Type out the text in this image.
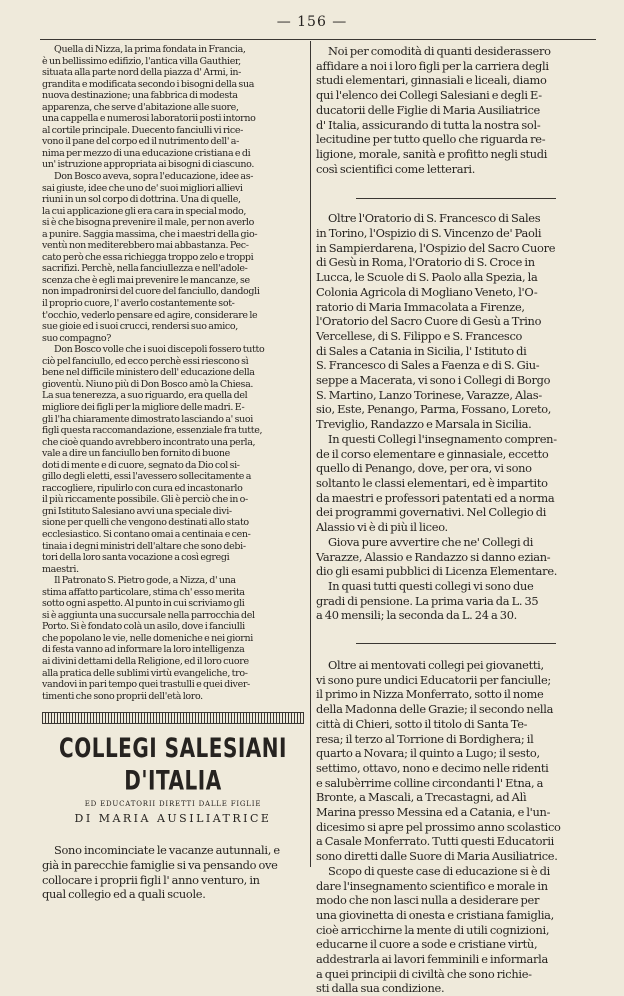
— 156 —

Quella di Nizza, la prima fondata in Francia,
è un bellissimo edifizio, l'antica villa Gauthier,
situata alla parte nord della piazza d' Armi, in-
grandita e modificata secondo i bisogni della sua
nuova destinazione; una fabbrica di modesta
apparenza, che serve d'abitazione alle suore,
una cappella e numerosi laboratorii posti intorno
al cortile principale. Duecento fanciulli vi rice-
vono il pane del corpo ed il nutrimento dell' a-
nima per mezzo di una educazione cristiana e di
un' istruzione appropriata ai bisogni di ciascuno.

Don Bosco aveva, sopra l'educazione, idee as-
sai giuste, idee che uno de' suoi migliori allievi
riuni in un sol corpo di dottrina. Una di quelle,
la cui applicazione gli era cara in special modo,
si è che bisogna prevenire il male, per non averlo
a punire. Saggia massima, che i maestri della gio-
ventù non mediterebbero mai abbastanza. Pec-
cato però che essa richiegga troppo zelo e troppi
sacrifizi. Perchè, nella fanciullezza e nell'adole-
scenza che è egli mai prevenire le mancanze, se
non impadronirsi del cuore del fanciullo, dandogli
il proprio cuore, l' averlo costantemente sot-
t'occhio, vederlo pensare ed agire, considerare le
sue gioie ed i suoi crucci, rendersi suo amico,
suo compagno?

Don Bosco volle che i suoi discepoli fossero tutto
ciò pel fanciullo, ed ecco perchè essi riescono sì
bene nel difficile ministero dell' educazione della
gioventù. Niuno più di Don Bosco amò la Chiesa.
La sua tenerezza, a suo riguardo, era quella del
migliore dei figli per la migliore delle madri. E-
gli l'ha chiaramente dimostrato lasciando a' suoi
figli questa raccomandazione, essenziale fra tutte,
che cioè quando avrebbero incontrato una perla,
vale a dire un fanciullo ben fornito di buone
doti di mente e di cuore, segnato da Dio col si-
gillo degli eletti, essi l'avessero sollecitamente a
raccogliere, ripulirlo con cura ed incastonarlo
il più riccamente possibile. Gli è perciò che in o-
gni Istituto Salesiano avvi una speciale divi-
sione per quelli che vengono destinati allo stato
ecclesiastico. Si contano omai a centinaia e cen-
tinaia i degni ministri dell'altare che sono debi-
tori della loro santa vocazione a così egregi
maestri.

Il Patronato S. Pietro gode, a Nizza, d' una
stima affatto particolare, stima ch' esso merita
sotto ogni aspetto. Al punto in cui scriviamo gli
si è aggiunta una succursale nella parrocchia del
Porto. Si è fondato colà un asilo, dove i fanciulli
che popolano le vie, nelle domeniche e nei giorni
di festa vanno ad informare la loro intelligenza
ai divini dettami della Religione, ed il loro cuore
alla pratica delle sublimi virtù evangeliche, tro-
vandovi in pari tempo quei trastulli e quei diver-
timenti che sono proprii dell'età loro.

COLLEGI SALESIANI D'ITALIA
ED EDUCATORII DIRETTI DALLE FIGLIE
DI MARIA AUSILIATRICE

Sono incominciate le vacanze autunnali, e
già in parecchie famiglie si va pensando ove
collocare i proprii figli l' anno venturo, in
qual collegio ed a quali scuole.

Noi per comodità di quanti desiderassero
affidare a noi i loro figli per la carriera degli
studi elementari, ginnasiali e liceali, diamo
qui l'elenco dei Collegi Salesiani e degli E-
ducatorii delle Figlie di Maria Ausiliatrice
d' Italia, assicurando di tutta la nostra sol-
lecitudine per tutto quello che riguarda re-
ligione, morale, sanità e profitto negli studi
così scientifici come letterari.

Oltre l'Oratorio di S. Francesco di Sales
in Torino, l'Ospizio di S. Vincenzo de' Paoli
in Sampierdarena, l'Ospizio del Sacro Cuore
di Gesù in Roma, l'Oratorio di S. Croce in
Lucca, le Scuole di S. Paolo alla Spezia, la
Colonia Agricola di Mogliano Veneto, l'O-
ratorio di Maria Immacolata a Firenze,
l'Oratorio del Sacro Cuore di Gesù a Trino
Vercellese, di S. Filippo e S. Francesco
di Sales a Catania in Sicilia, l' Istituto di
S. Francesco di Sales a Faenza e di S. Giu-
seppe a Macerata, vi sono i Collegi di Borgo
S. Martino, Lanzo Torinese, Varazze, Alas-
sio, Este, Penango, Parma, Fossano, Loreto,
Treviglio, Randazzo e Marsala in Sicilia.

In questi Collegi l'insegnamento compren-
de il corso elementare e ginnasiale, eccetto
quello di Penango, dove, per ora, vi sono
soltanto le classi elementari, ed è impartito
da maestri e professori patentati ed a norma
dei programmi governativi. Nel Collegio di
Alassio vi è di più il liceo.

Giova pure avvertire che ne' Collegi di
Varazze, Alassio e Randazzo si danno ezian-
dio gli esami pubblici di Licenza Elementare.

In quasi tutti questi collegi vi sono due
gradi di pensione. La prima varia da L. 35
a 40 mensili; la seconda da L. 24 a 30.

Oltre ai mentovati collegi pei giovanetti,
vi sono pure undici Educatorii per fanciulle;
il primo in Nizza Monferrato, sotto il nome
della Madonna delle Grazie; il secondo nella
città di Chieri, sotto il titolo di Santa Te-
resa; il terzo al Torrione di Bordighera; il
quarto a Novara; il quinto a Lugo; il sesto,
settimo, ottavo, nono e decimo nelle ridenti
e salubèrrime colline circondanti l' Etna, a
Bronte, a Mascali, a Trecastagni, ad Alì
Marina presso Messina ed a Catania, e l'un-
dicesimo si apre pel prossimo anno scolastico
a Casale Monferrato. Tutti questi Educatorii
sono diretti dalle Suore di Maria Ausiliatrice.

Scopo di queste case di educazione si è di
dare l'insegnamento scientifico e morale in
modo che non lasci nulla a desiderare per
una giovinetta di onesta e cristiana famiglia,
cioè arricchirne la mente di utili cognizioni,
educarne il cuore a sode e cristiane virtù,
addestrarla ai lavori femminili e informarla
a quei principii di civiltà che sono richie-
sti dalla sua condizione.
